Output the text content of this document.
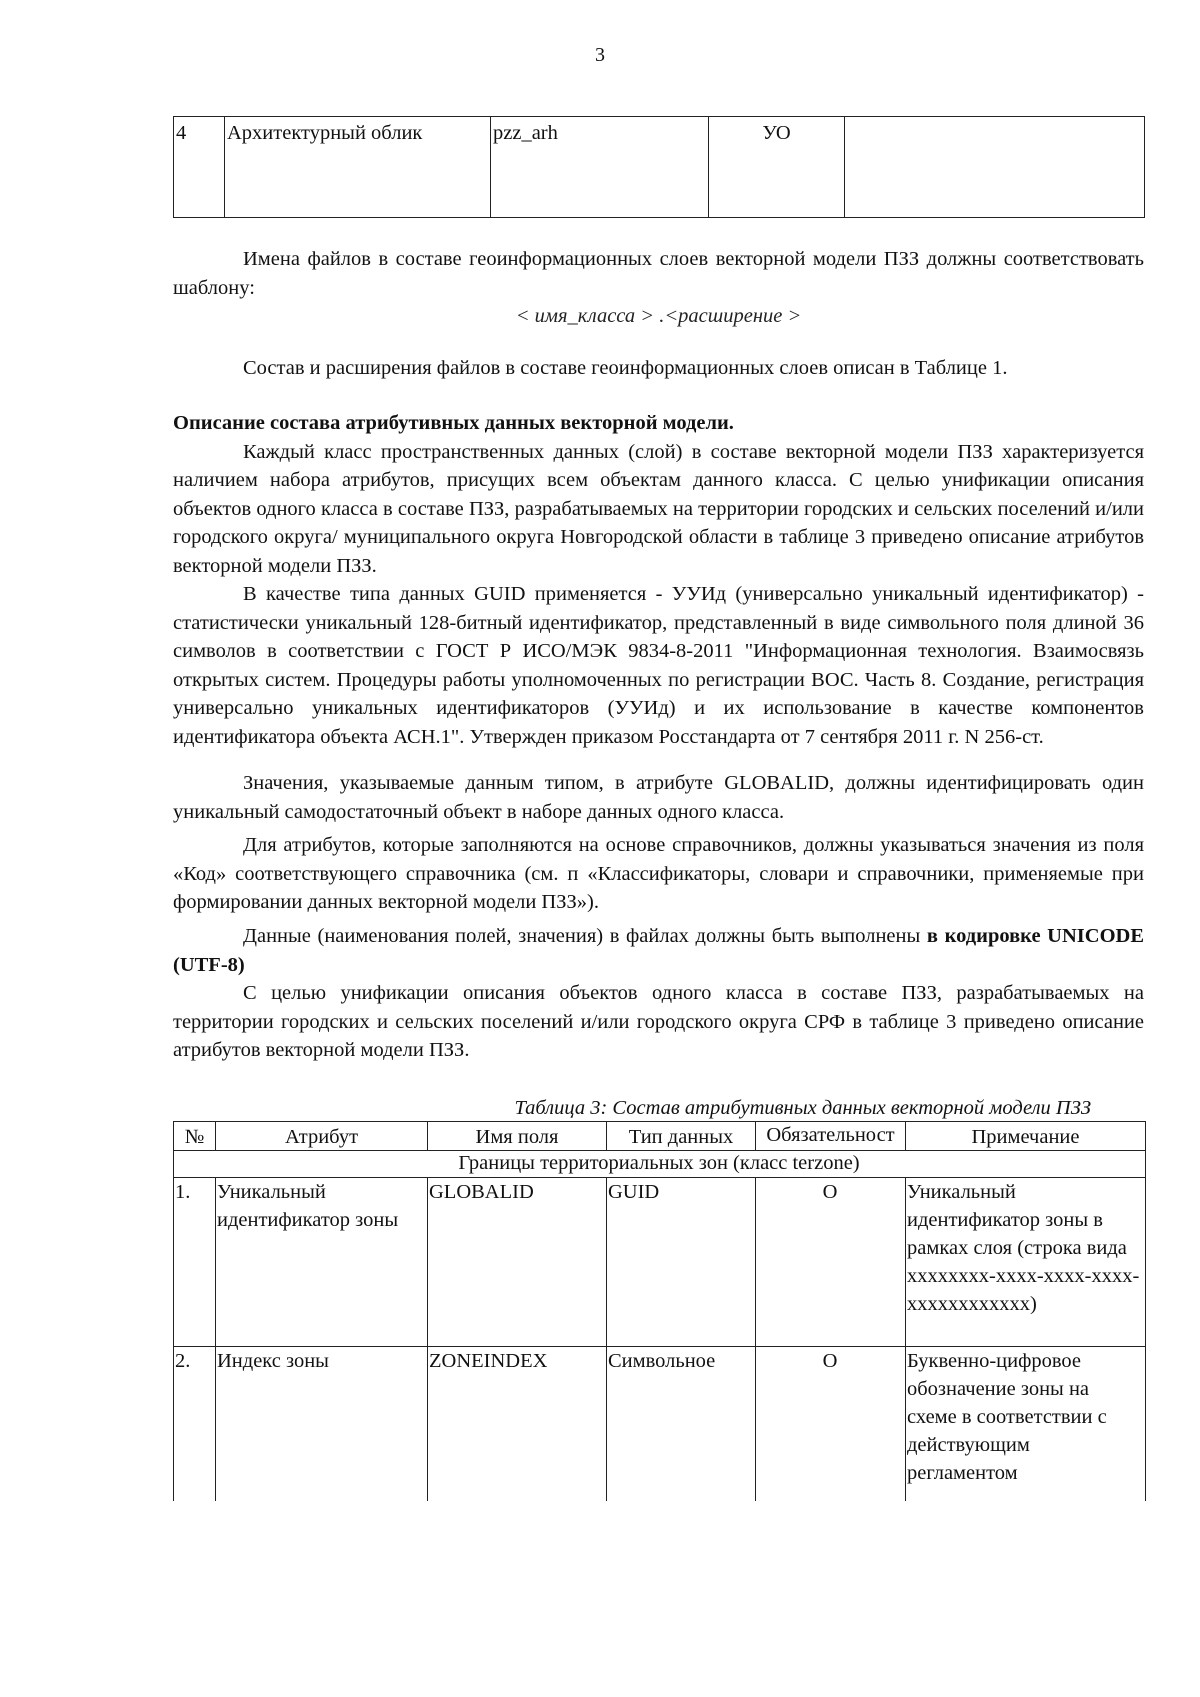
3
4	Архитектурный облик	pzz_arh	УО	

Имена файлов в составе геоинформационных слоев векторной модели ПЗЗ должны соответствовать шаблону:

< имя_класса > .<расширение >

Состав и расширения файлов в составе геоинформационных слоев описан в Таблице 1.

Описание состава атрибутивных данных векторной модели.

Каждый класс пространственных данных (слой) в составе векторной модели ПЗЗ характеризуется наличием набора атрибутов, присущих всем объектам данного класса. С целью унификации описания объектов одного класса в составе ПЗЗ, разрабатываемых на территории городских и сельских поселений и/или городского округа/ муниципального округа Новгородской области в таблице 3 приведено описание атрибутов векторной модели ПЗЗ.

В качестве типа данных GUID применяется - УУИд (универсально уникальный идентификатор) - статистически уникальный 128-битный идентификатор, представленный в виде символьного поля длиной 36 символов в соответствии с ГОСТ Р ИСО/МЭК 9834-8-2011 "Информационная технология. Взаимосвязь открытых систем. Процедуры работы уполномоченных по регистрации ВОС. Часть 8. Создание, регистрация универсально уникальных идентификаторов (УУИд) и их использование в качестве компонентов идентификатора объекта АСН.1". Утвержден приказом Росстандарта от 7 сентября 2011 г. N 256-ст.

Значения, указываемые данным типом, в атрибуте GLOBALID, должны идентифицировать один уникальный самодостаточный объект в наборе данных одного класса.

Для атрибутов, которые заполняются на основе справочников, должны указываться значения из поля «Код» соответствующего справочника (см. п «Классификаторы, словари и справочники, применяемые при формировании данных векторной модели ПЗЗ»).

Данные (наименования полей, значения) в файлах должны быть выполнены в кодировке UNICODE (UTF-8)

С целью унификации описания объектов одного класса в составе ПЗЗ, разрабатываемых на территории городских и сельских поселений и/или городского округа СРФ в таблице 3 приведено описание атрибутов векторной модели ПЗЗ.

Таблица 3: Состав атрибутивных данных векторной модели ПЗЗ
№	Атрибут	Имя поля	Тип данных	Обязательност	Примечание
Границы территориальных зон (класс terzone)					
1.	Уникальный идентификатор зоны	GLOBALID	GUID	О	Уникальный идентификатор зоны в рамках слоя (строка вида xxxxxxxx-xxxx-xxxx-xxxx-xxxxxxxxxxxx)
2.	Индекс зоны	ZONEINDEX	Символьное	О	Буквенно-цифровое обозначение зоны на схеме в соответствии с действующим регламентом
